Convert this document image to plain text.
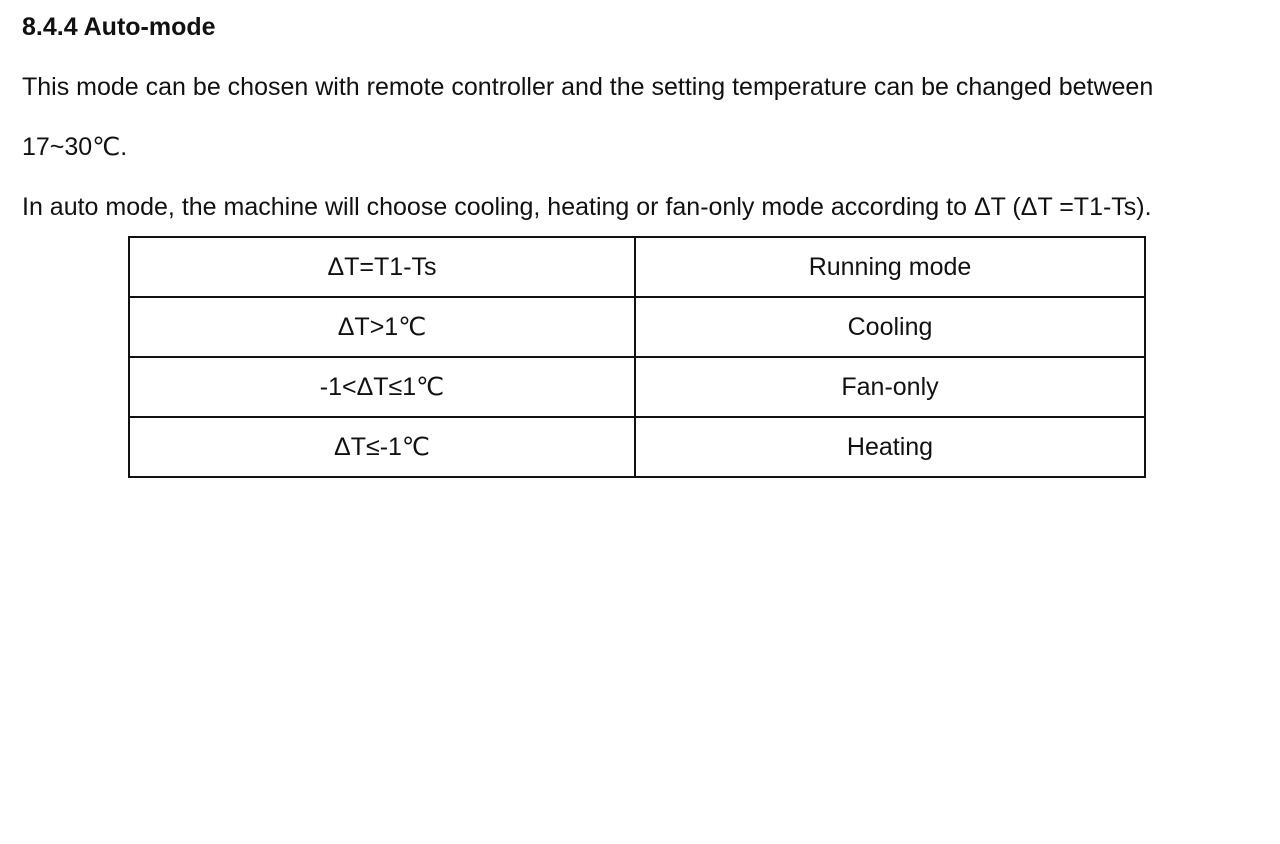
8.4.4 Auto-mode
This mode can be chosen with remote controller and the setting temperature can be changed between
17~30℃.
In auto mode, the machine will choose cooling, heating or fan-only mode according to ΔT (ΔT =T1-Ts).
ΔT=T1-Ts	Running mode
ΔT>1℃	Cooling
-1<ΔT≤1℃	Fan-only
ΔT≤-1℃	Heating
